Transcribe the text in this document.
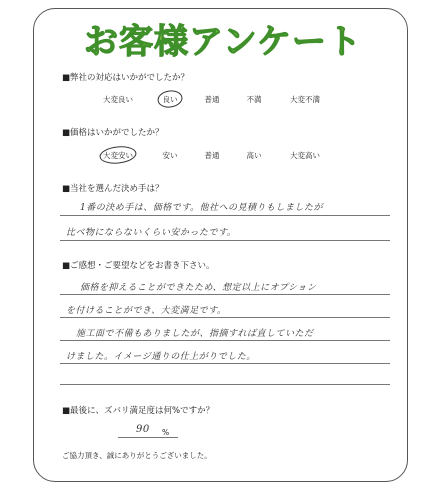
お客様アンケート
■弊社の対応はいかがでしたか？
大変良い	良い	普通	不満	大変不満
■価格はいかがでしたか？
大変安い	安い	普通	高い	大変高い
■当社を選んだ決め手は？
1番の決め手は、価格です。他社への見積りもしましたが
比べ物にならないくらい安かったです。
■ご感想・ご要望などをお書き下さい。
価格を抑えることができたため、想定以上にオプション
を付けることができ、大変満足です。
施工面で不備もありましたが、指摘すれば直していただ
けました。イメージ通りの仕上がりでした。
■最後に、ズバリ満足度は何%ですか？
90 %
ご協力頂き、誠にありがとうございました。
